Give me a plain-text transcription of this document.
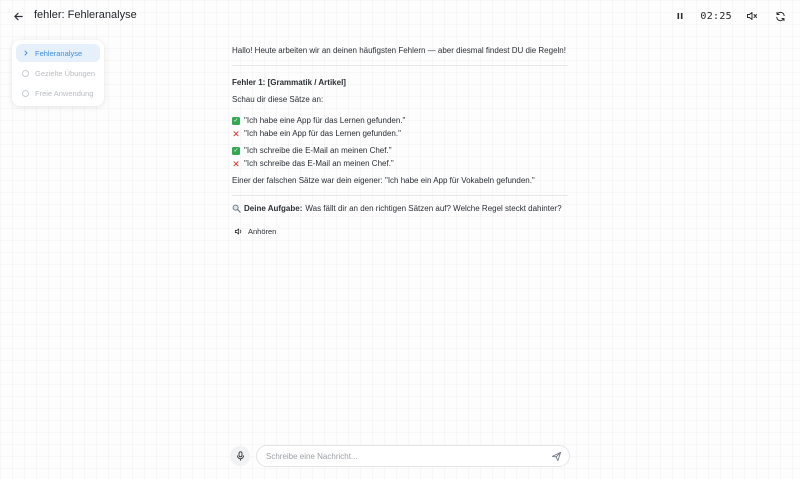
fehler: Fehleranalyse	02:25
Fehleranalyse
Gezielte Übungen
Freie Anwendung
Hallo! Heute arbeiten wir an deinen häufigsten Fehlern — aber diesmal findest DU die Regeln!
Fehler 1: [Grammatik / Artikel]
Schau dir diese Sätze an:
✓ "Ich habe eine App für das Lernen gefunden."
✕ "Ich habe ein App für das Lernen gefunden."
✓ "Ich schreibe die E-Mail an meinen Chef."
✕ "Ich schreibe das E-Mail an meinen Chef."
Einer der falschen Sätze war dein eigener: "Ich habe ein App für Vokabeln gefunden."
Deine Aufgabe: Was fällt dir an den richtigen Sätzen auf? Welche Regel steckt dahinter?
Anhören
Schreibe eine Nachricht...
